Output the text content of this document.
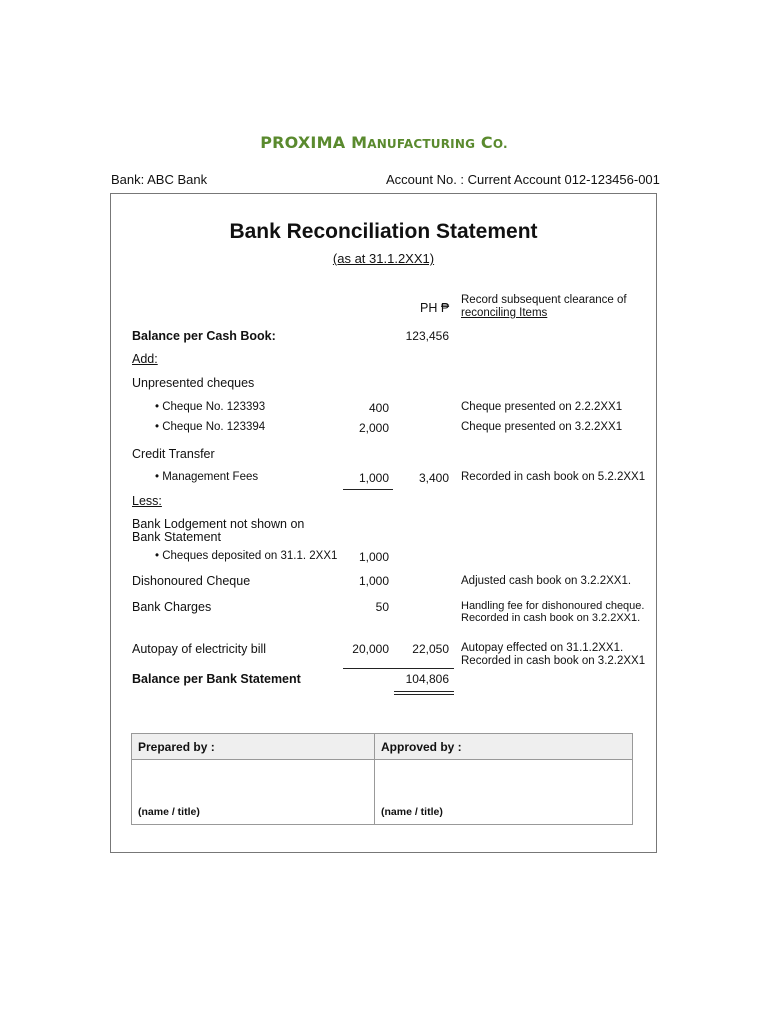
PROXIMA MANUFACTURING CO.
Bank: ABC Bank	Account No. : Current Account 012-123456-001
Bank Reconciliation Statement
(as at 31.1.2XX1)
PH ₱
Record subsequent clearance of
reconciling Items
Balance per Cash Book:	123,456
Add:
Unpresented cheques
• Cheque No. 123393	400	Cheque presented on 2.2.2XX1
• Cheque No. 123394	2,000	Cheque presented on 3.2.2XX1
Credit Transfer
• Management Fees	1,000	3,400 Recorded in cash book on 5.2.2XX1
Less:
Bank Lodgement not shown on
Bank Statement
• Cheques deposited on 31.1. 2XX1	1,000
Dishonoured Cheque	1,000	Adjusted cash book on 3.2.2XX1.
Bank Charges	50	Handling fee for dishonoured cheque. Recorded in cash book on 3.2.2XX1.
Autopay of electricity bill	20,000	22,050 Autopay effected on 31.1.2XX1.
Recorded in cash book on 3.2.2XX1
Balance per Bank Statement	104,806
Prepared by :	Approved by :

(name / title)	(name / title)
